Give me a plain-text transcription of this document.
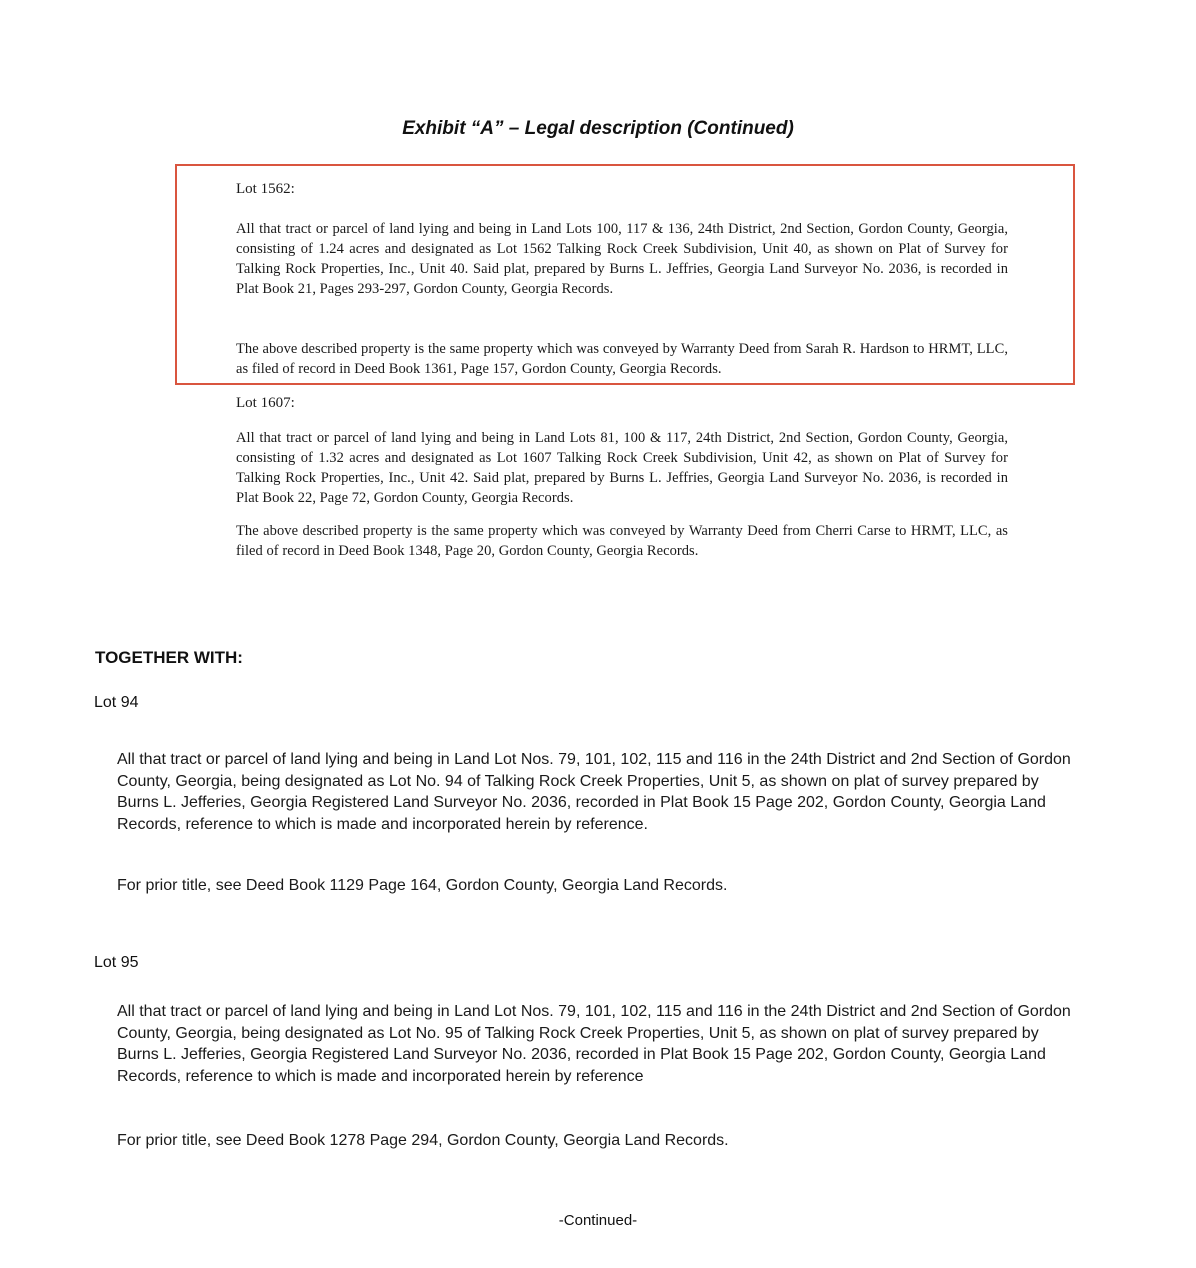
Exhibit “A” – Legal description (Continued)
Lot 1562:
All that tract or parcel of land lying and being in Land Lots 100, 117 & 136, 24th District, 2nd Section, Gordon County, Georgia, consisting of 1.24 acres and designated as Lot 1562 Talking Rock Creek Subdivision, Unit 40, as shown on Plat of Survey for Talking Rock Properties, Inc., Unit 40. Said plat, prepared by Burns L. Jeffries, Georgia Land Surveyor No. 2036, is recorded in Plat Book 21, Pages 293-297, Gordon County, Georgia Records.
The above described property is the same property which was conveyed by Warranty Deed from Sarah R. Hardson to HRMT, LLC, as filed of record in Deed Book 1361, Page 157, Gordon County, Georgia Records.
Lot 1607:
All that tract or parcel of land lying and being in Land Lots 81, 100 & 117, 24th District, 2nd Section, Gordon County, Georgia, consisting of 1.32 acres and designated as Lot 1607 Talking Rock Creek Subdivision, Unit 42, as shown on Plat of Survey for Talking Rock Properties, Inc., Unit 42. Said plat, prepared by Burns L. Jeffries, Georgia Land Surveyor No. 2036, is recorded in Plat Book 22, Page 72, Gordon County, Georgia Records.
The above described property is the same property which was conveyed by Warranty Deed from Cherri Carse to HRMT, LLC, as filed of record in Deed Book 1348, Page 20, Gordon County, Georgia Records.
TOGETHER WITH:
Lot 94
All that tract or parcel of land lying and being in Land Lot Nos. 79, 101, 102, 115 and 116 in the 24th District and 2nd Section of Gordon County, Georgia, being designated as Lot No. 94 of Talking Rock Creek Properties, Unit 5, as shown on plat of survey prepared by Burns L. Jefferies, Georgia Registered Land Surveyor No. 2036, recorded in Plat Book 15 Page 202, Gordon County, Georgia Land Records, reference to which is made and incorporated herein by reference.
For prior title, see Deed Book 1129 Page 164, Gordon County, Georgia Land Records.
Lot 95
All that tract or parcel of land lying and being in Land Lot Nos. 79, 101, 102, 115 and 116 in the 24th District and 2nd Section of Gordon County, Georgia, being designated as Lot No. 95 of Talking Rock Creek Properties, Unit 5, as shown on plat of survey prepared by Burns L. Jefferies, Georgia Registered Land Surveyor No. 2036, recorded in Plat Book 15 Page 202, Gordon County, Georgia Land Records, reference to which is made and incorporated herein by reference
For prior title, see Deed Book 1278 Page 294, Gordon County, Georgia Land Records.
-Continued-
